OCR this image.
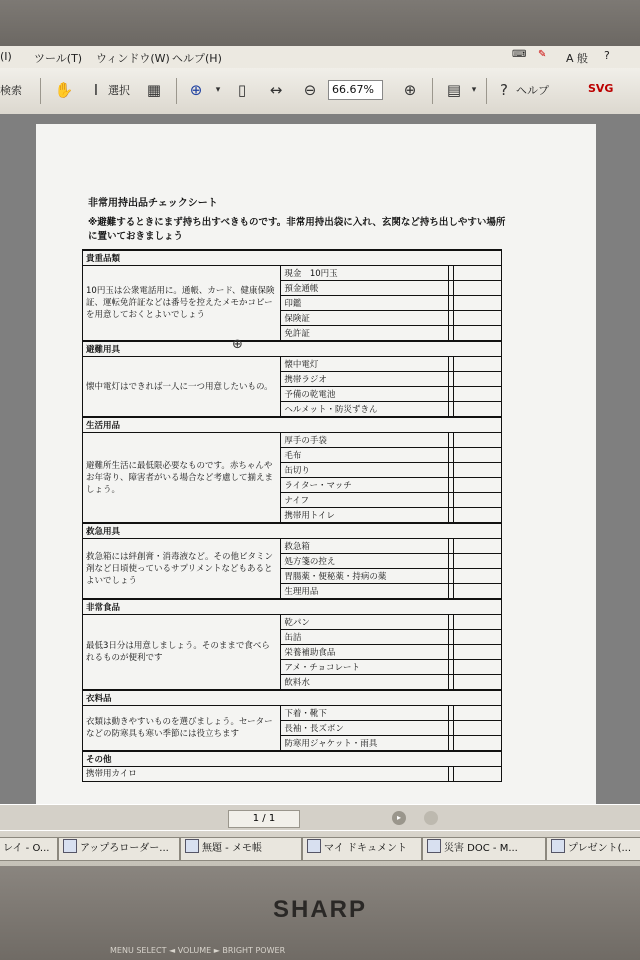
(I) ツール(T) ウィンドウ(W) ヘルプ(H)	⌨ ✎ A 般 ?
検索 ✋	I 選択 ▦ ⊕	▾	▯	↔ ⊖	66.67%	⊕ ▤	▾	? ヘルプ	SVG
非常用持出品チェックシート
※避難するときにまず持ち出すべきものです。非常用持出袋に入れ、玄関など持ち出しやすい場所に置いておきましょう
貴重品類			
10円玉は公衆電話用に。通帳、カード、健康保険証、運転免許証などは番号を控えたメモかコピーを用意しておくとよいでしょう	現金　10円玉		
	預金通帳		
	印鑑		
	保険証		
	免許証		
避難用具			
懐中電灯はできれば一人に一つ用意したいもの。	懐中電灯		
	携帯ラジオ		
	予備の乾電池		
	ヘルメット・防災ずきん		
生活用品			
避難所生活に最低限必要なものです。赤ちゃんやお年寄り、障害者がいる場合など考慮して揃えましょう。	厚手の手袋		
	毛布		
	缶切り		
	ライター・マッチ		
	ナイフ		
	携帯用トイレ		
救急用具			
救急箱には絆創膏・消毒液など。その他ビタミン剤など日頃使っているサプリメントなどもあるとよいでしょう	救急箱		
	処方箋の控え		
	胃腸薬・便秘薬・持病の薬		
	生理用品		
非常食品			
最低3日分は用意しましょう。そのままで食べられるものが便利です	乾パン		
	缶詰		
	栄養補助食品		
	アメ・チョコレート		
	飲料水		
衣料品			
衣類は動きやすいものを選びましょう。セーターなどの防寒具も寒い季節には役立ちます	下着・靴下		
	長袖・長ズボン		
	防寒用ジャケット・雨具		
その他			
携帯用カイロ			
⊕
1 / 1	▸
レイ - O...	アップろローダー...	無題 - メモ帳	マイ ドキュメント	災害 DOC - M...	プレゼント(...
SHARP
MENU SELECT ◄ VOLUME ► BRIGHT POWER
